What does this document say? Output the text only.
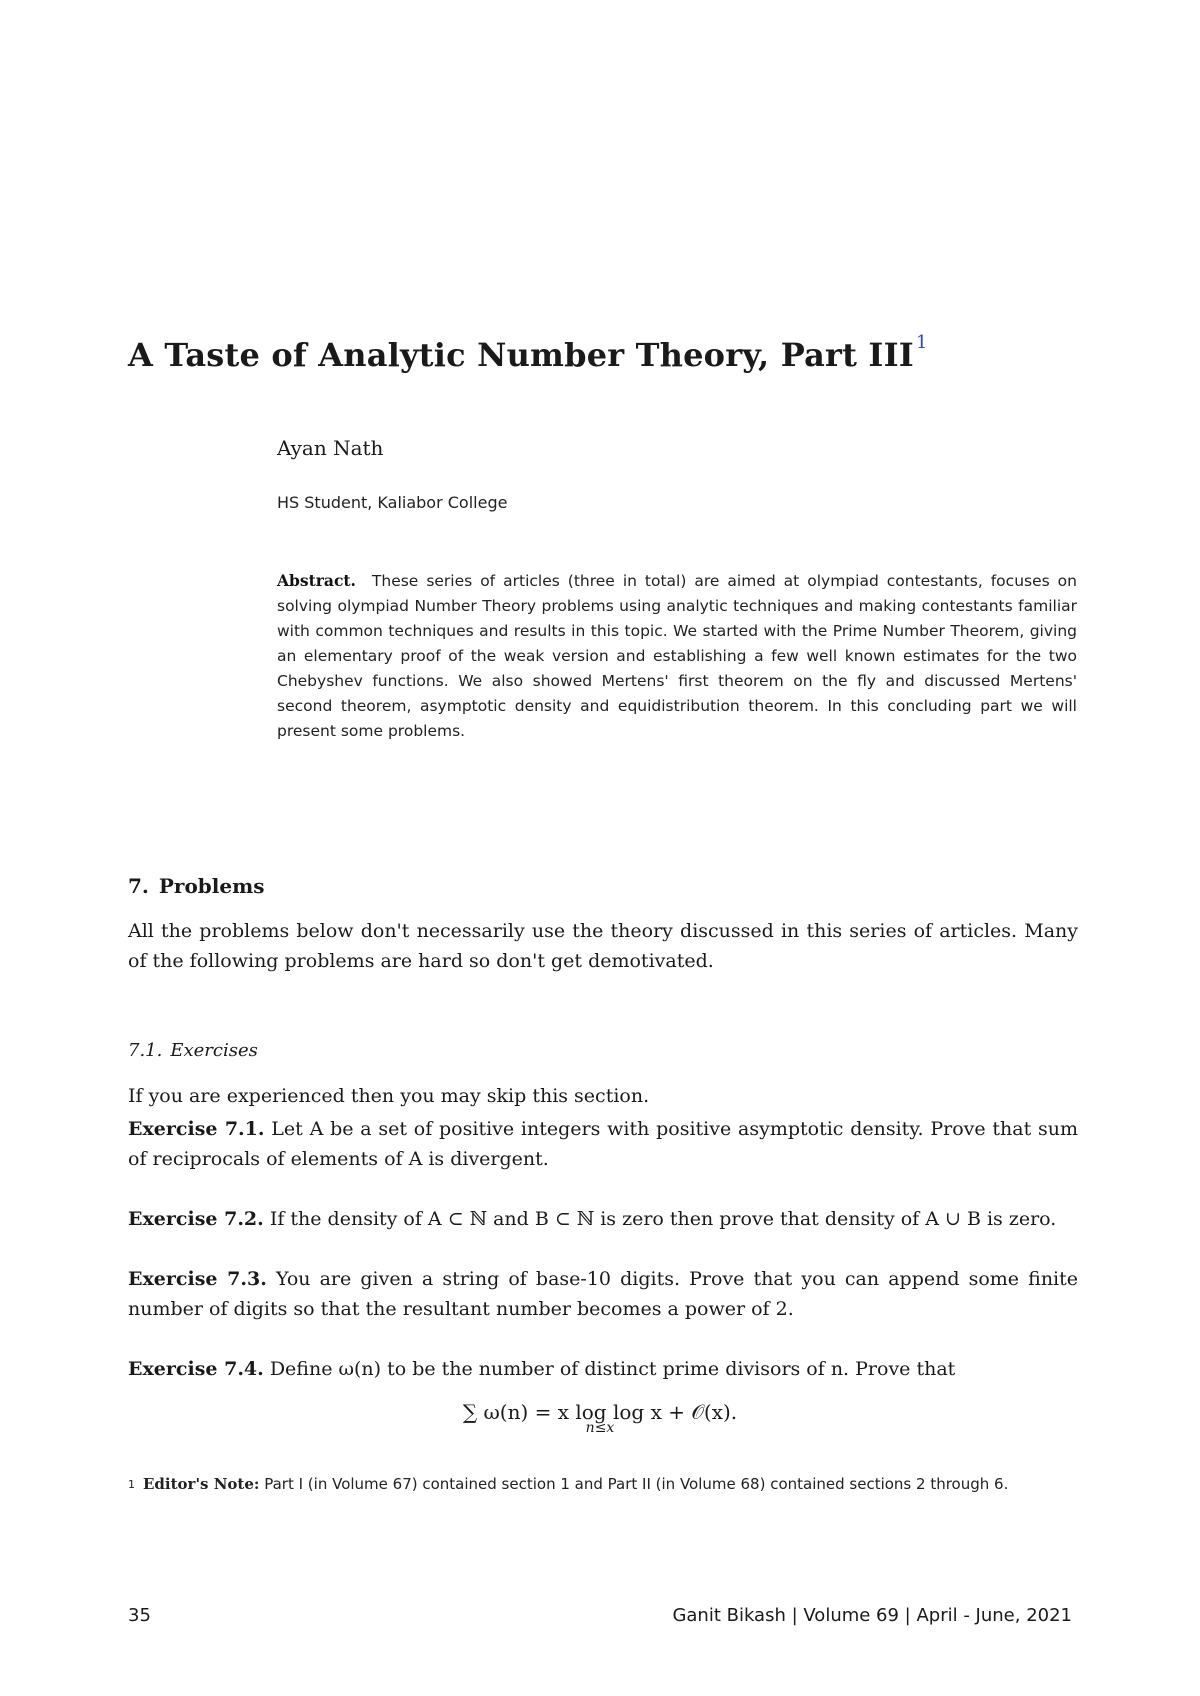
A Taste of Analytic Number Theory, Part III $^1$
Ayan Nath
HS Student, Kaliabor College
Abstract. These series of articles (three in total) are aimed at olympiad contestants, focuses on solving olympiad Number Theory problems using analytic techniques and making contestants familiar with common techniques and results in this topic. We started with the Prime Number Theorem, giving an elementary proof of the weak version and establishing a few well known estimates for the two Chebyshev functions. We also showed Mertens' first theorem on the fly and discussed Mertens' second theorem, asymptotic density and equidistribution theorem. In this concluding part we will present some problems.
7. Problems
All the problems below don't necessarily use the theory discussed in this series of articles. Many of the following problems are hard so don't get demotivated.
7.1. Exercises
If you are experienced then you may skip this section.
Exercise 7.1. Let A be a set of positive integers with positive asymptotic density. Prove that sum of reciprocals of elements of A is divergent.
Exercise 7.2. If the density of A ⊂ ℕ and B ⊂ ℕ is zero then prove that density of A ∪ B is zero.
Exercise 7.3. You are given a string of base-10 digits. Prove that you can append some finite number of digits so that the resultant number becomes a power of 2.
Exercise 7.4. Define ω(n) to be the number of distinct prime divisors of n. Prove that
∑ ω(n) = x log log x + 𝒪(x).
n≤x
$^1$ Editor's Note: Part I (in Volume 67) contained section 1 and Part II (in Volume 68) contained sections 2 through 6.
35	Ganit Bikash | Volume 69 | April - June, 2021
